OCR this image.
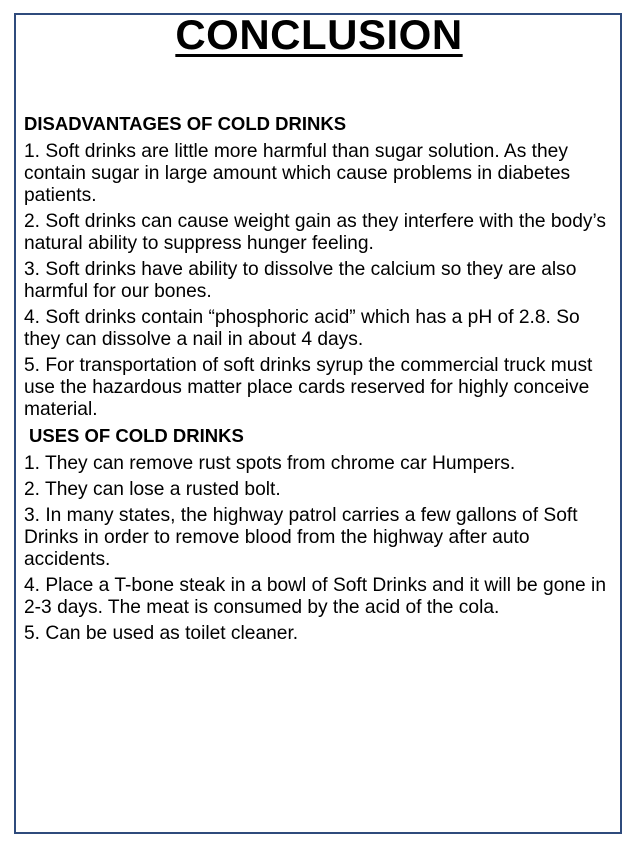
CONCLUSION
DISADVANTAGES OF COLD DRINKS
1. Soft drinks are little more harmful than sugar solution. As they contain sugar in large amount which cause problems in diabetes patients.
2. Soft drinks can cause weight gain as they interfere with the body’s natural ability to suppress hunger feeling.
3. Soft drinks have ability to dissolve the calcium so they are also harmful for our bones.
4. Soft drinks contain “phosphoric acid” which has a pH of 2.8. So they can dissolve a nail in about 4 days.
5. For transportation of soft drinks syrup the commercial truck must use the hazardous matter place cards reserved for highly conceive material.
USES OF COLD DRINKS
1. They can remove rust spots from chrome car Humpers.
2. They can lose a rusted bolt.
3. In many states, the highway patrol carries a few gallons of Soft Drinks in order to remove blood from the highway after auto accidents.
4. Place a T-bone steak in a bowl of Soft Drinks and it will be gone in 2-3 days. The meat is consumed by the acid of the cola.
5. Can be used as toilet cleaner.
